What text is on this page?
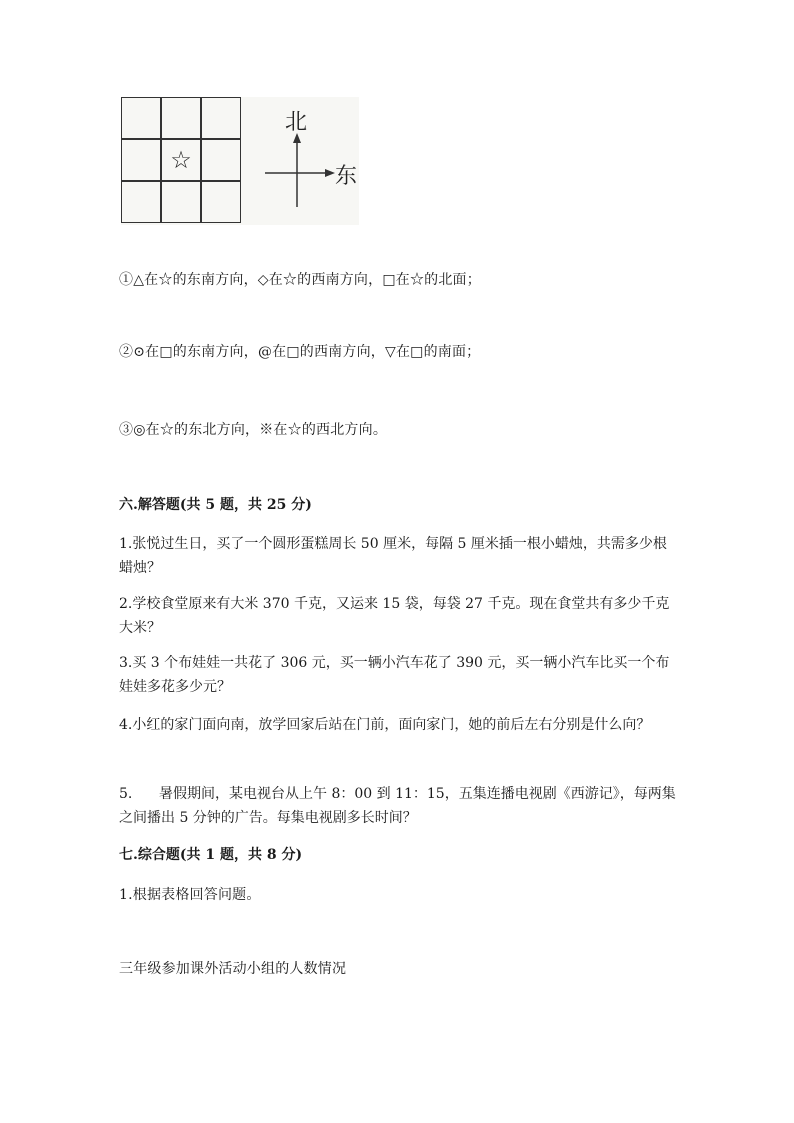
☆
北
东
①△在☆的东南方向，◇在☆的西南方向，□在☆的北面；
②⊙在□的东南方向，@在□的西南方向，▽在□的南面；
③◎在☆的东北方向，※在☆的西北方向。
六.解答题(共 5 题，共 25 分)
1.张悦过生日，买了一个圆形蛋糕周长 50 厘米，每隔 5 厘米插一根小蜡烛，共需多少根蜡烛？
2.学校食堂原来有大米 370 千克，又运来 15 袋，每袋 27 千克。现在食堂共有多少千克大米？
3.买 3 个布娃娃一共花了 306 元，买一辆小汽车花了 390 元，买一辆小汽车比买一个布娃娃多花多少元？
4.小红的家门面向南，放学回家后站在门前，面向家门，她的前后左右分别是什么向？
5. 暑假期间，某电视台从上午 8：00 到 11：15，五集连播电视剧《西游记》，每两集之间播出 5 分钟的广告。每集电视剧多长时间？
七.综合题(共 1 题，共 8 分)
1.根据表格回答问题。
三年级参加课外活动小组的人数情况
